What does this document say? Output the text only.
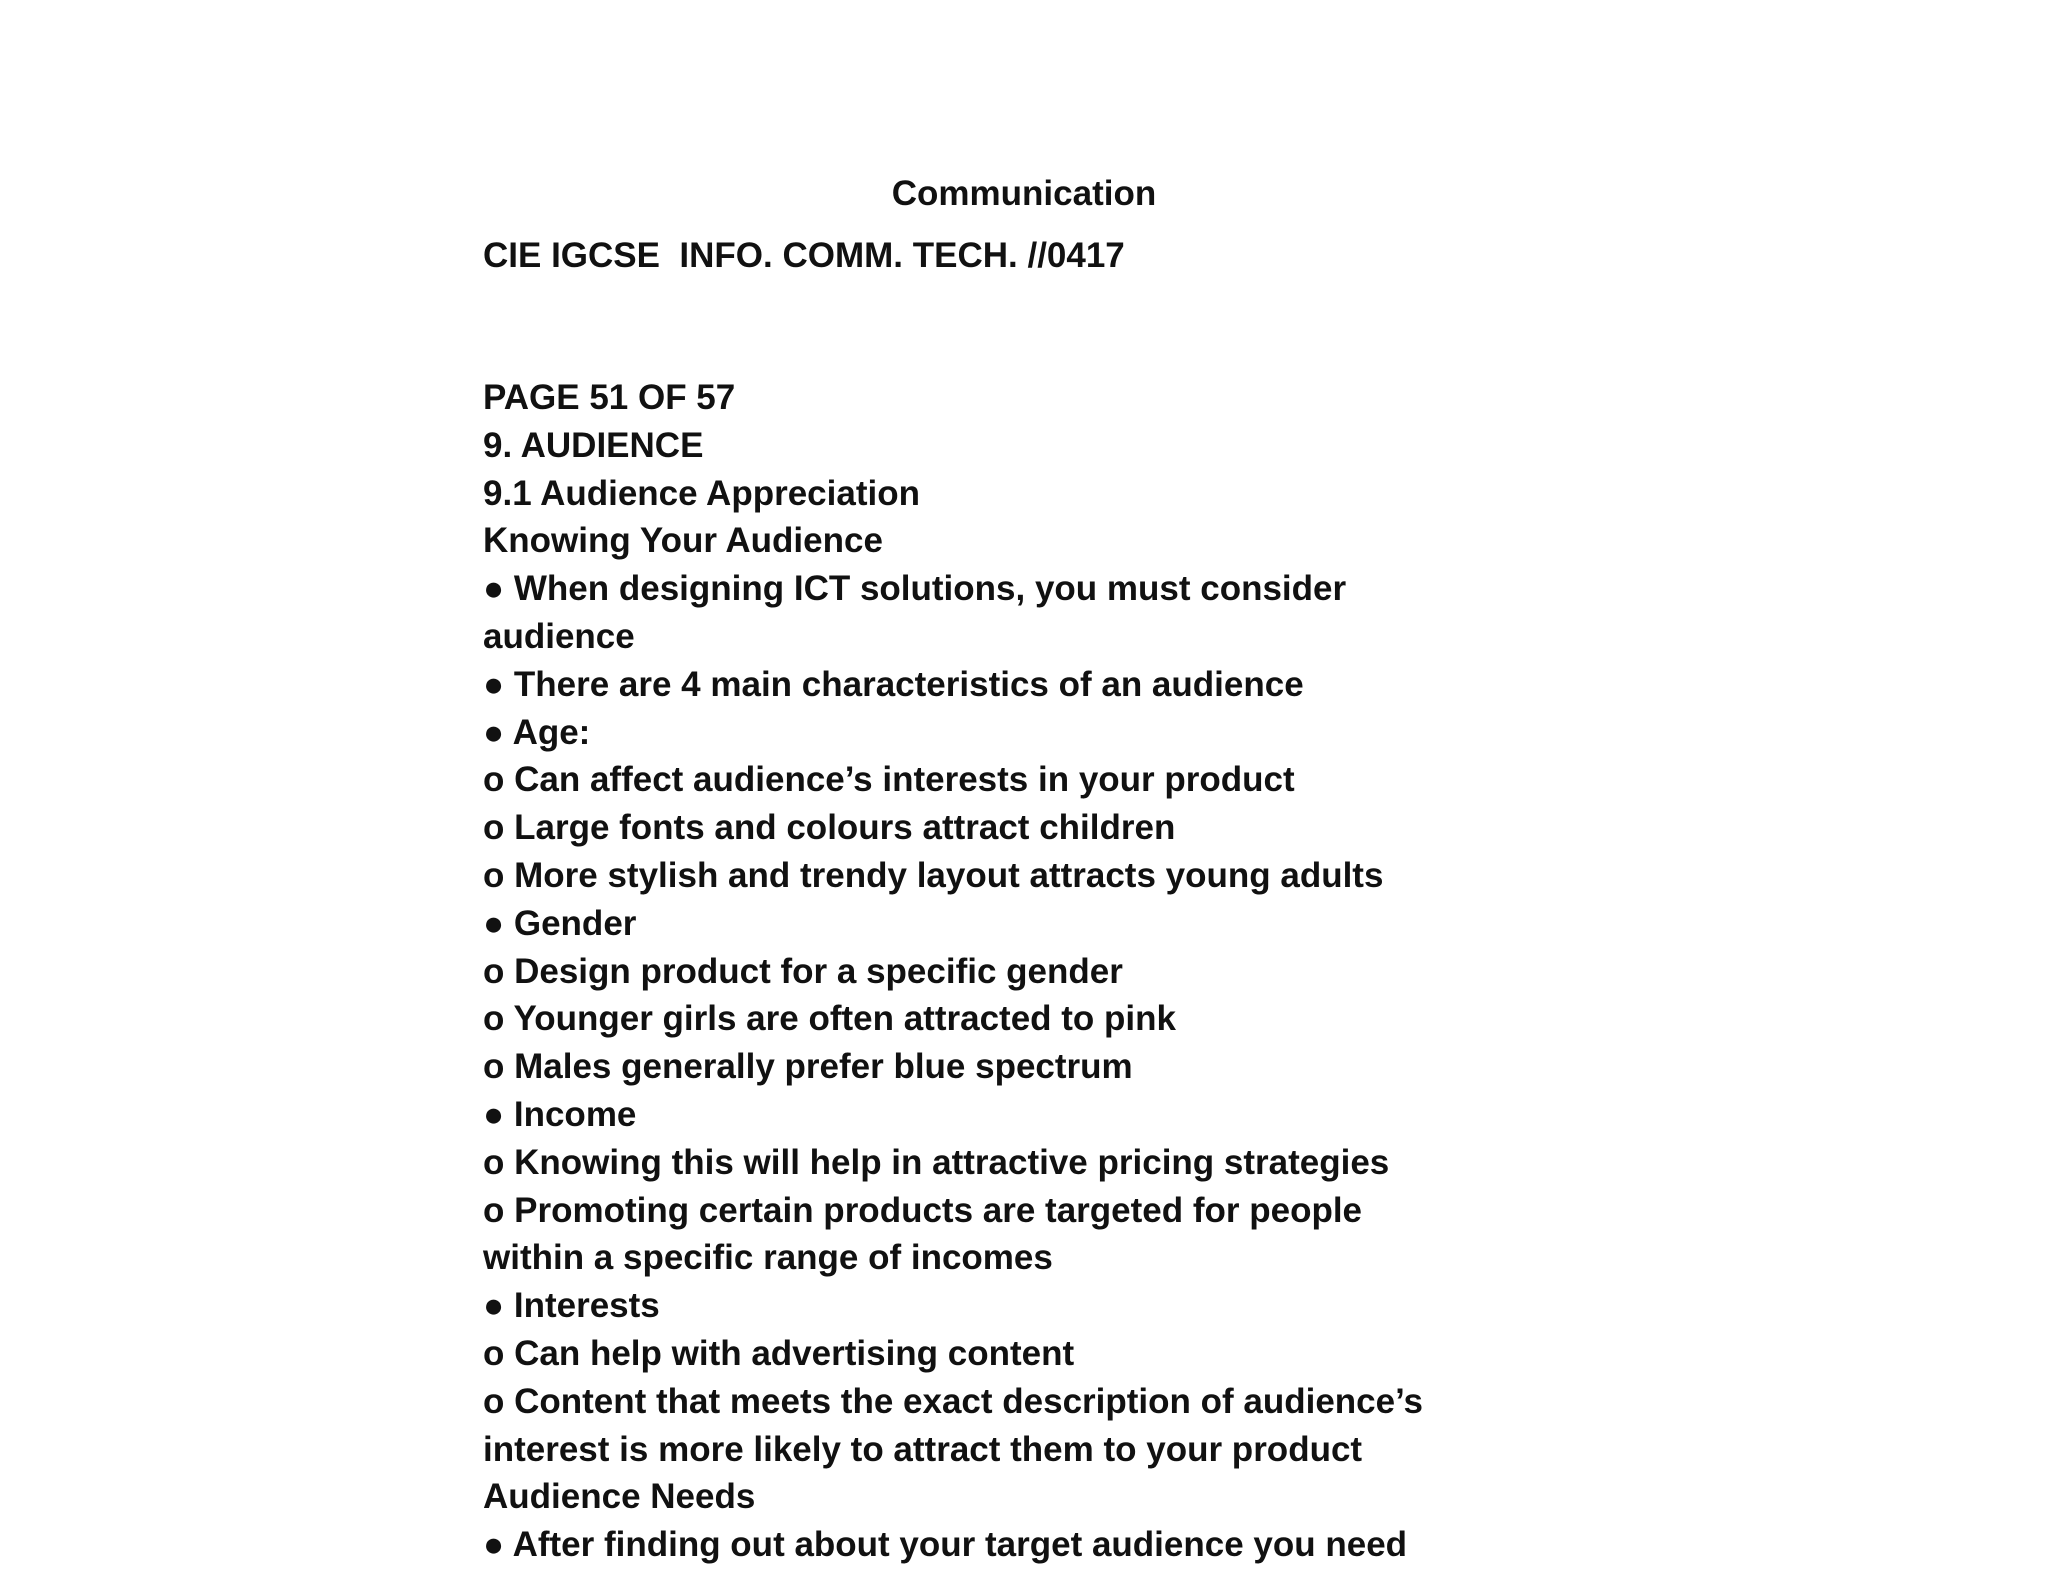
Communication
CIE IGCSE  INFO. COMM. TECH. //0417
PAGE 51 OF 57
9. AUDIENCE
9.1 Audience Appreciation
Knowing Your Audience
● When designing ICT solutions, you must consider
audience
● There are 4 main characteristics of an audience
● Age:
o Can affect audience’s interests in your product
o Large fonts and colours attract children
o More stylish and trendy layout attracts young adults
● Gender
o Design product for a specific gender
o Younger girls are often attracted to pink
o Males generally prefer blue spectrum
● Income
o Knowing this will help in attractive pricing strategies
o Promoting certain products are targeted for people
within a specific range of incomes
● Interests
o Can help with advertising content
o Content that meets the exact description of audience’s
interest is more likely to attract them to your product
Audience Needs
● After finding out about your target audience you need
